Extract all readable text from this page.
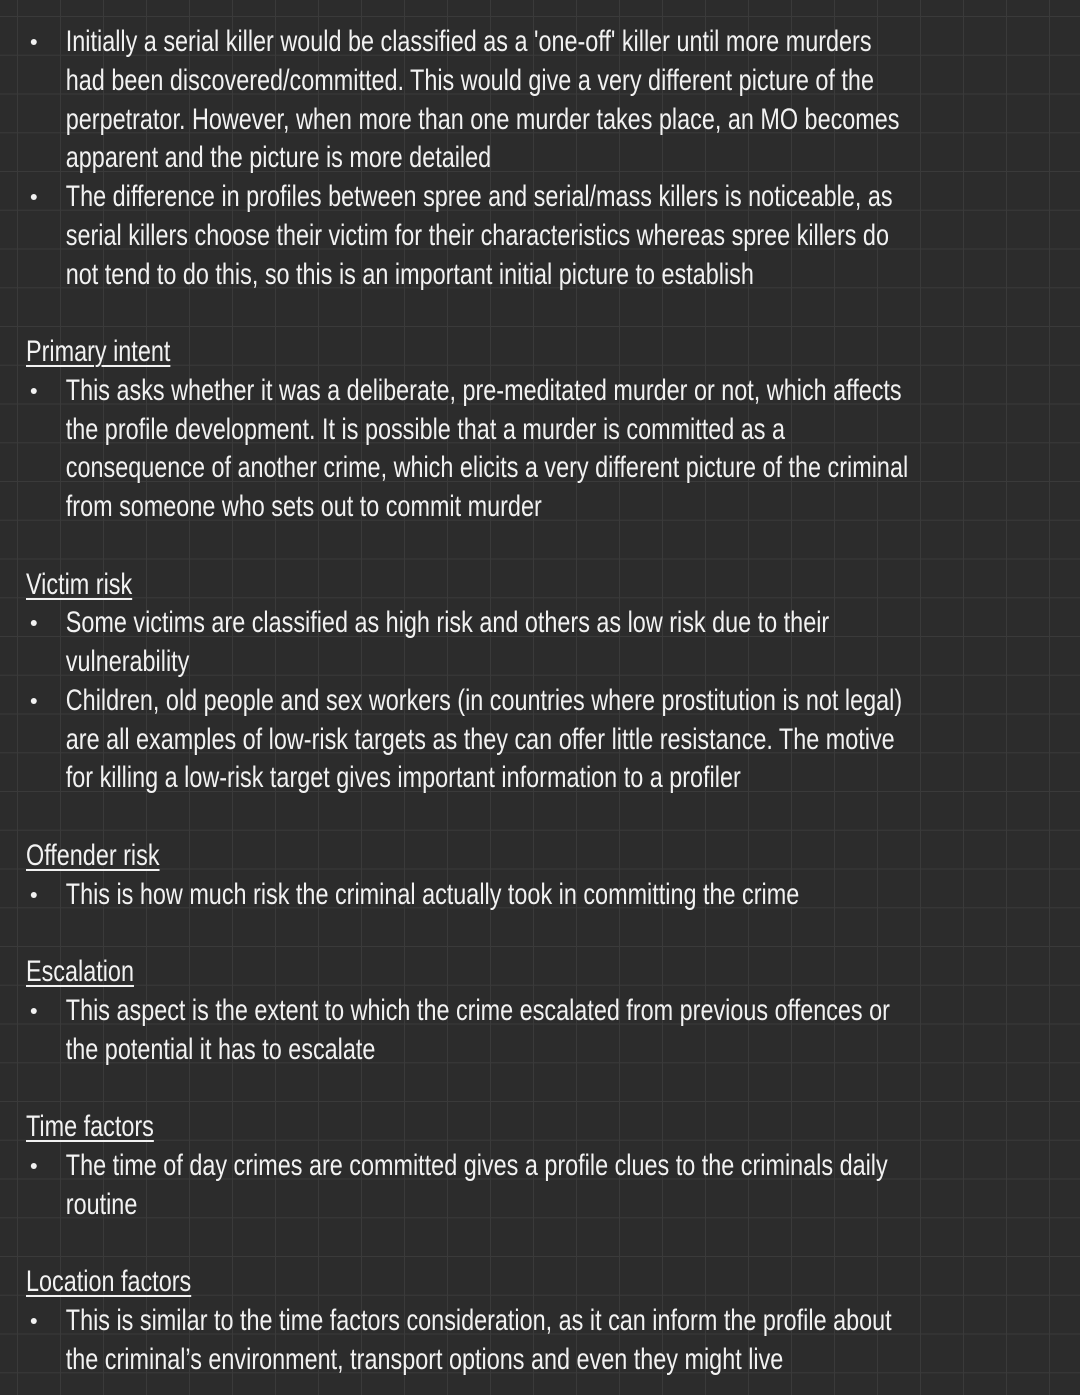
Initially a serial killer would be classified as a 'one-off' killer until more murders
had been discovered/committed. This would give a very different picture of the
perpetrator. However, when more than one murder takes place, an MO becomes
apparent and the picture is more detailed
The difference in profiles between spree and serial/mass killers is noticeable, as
serial killers choose their victim for their characteristics whereas spree killers do
not tend to do this, so this is an important initial picture to establish
Primary intent
This asks whether it was a deliberate, pre-meditated murder or not, which affects
the profile development. It is possible that a murder is committed as a
consequence of another crime, which elicits a very different picture of the criminal
from someone who sets out to commit murder
Victim risk
Some victims are classified as high risk and others as low risk due to their
vulnerability
Children, old people and sex workers (in countries where prostitution is not legal)
are all examples of low-risk targets as they can offer little resistance. The motive
for killing a low-risk target gives important information to a profiler
Offender risk
This is how much risk the criminal actually took in committing the crime
Escalation
This aspect is the extent to which the crime escalated from previous offences or
the potential it has to escalate
Time factors
The time of day crimes are committed gives a profile clues to the criminals daily
routine
Location factors
This is similar to the time factors consideration, as it can inform the profile about
the criminal’s environment, transport options and even they might live
